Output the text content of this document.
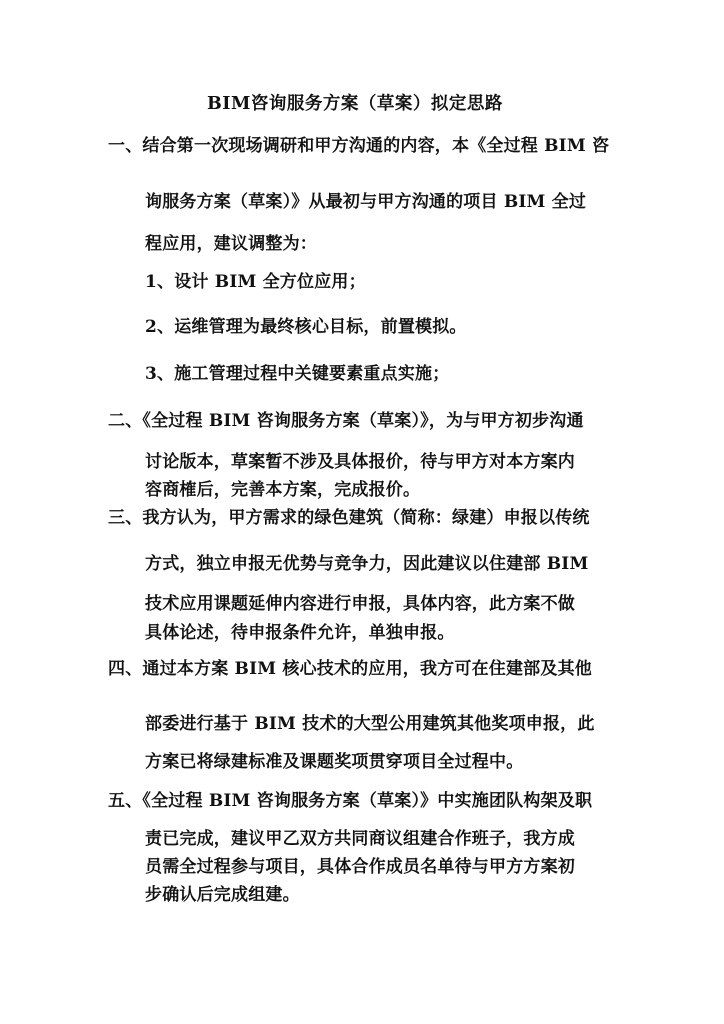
BIM咨询服务方案（草案）拟定思路
一、结合第一次现场调研和甲方沟通的内容，本《全过程 BIM 咨
询服务方案（草案）》从最初与甲方沟通的项目 BIM 全过
程应用，建议调整为：
1、设计 BIM 全方位应用；
2、运维管理为最终核心目标，前置模拟。
3、施工管理过程中关键要素重点实施；
二、《全过程 BIM 咨询服务方案（草案）》，为与甲方初步沟通
讨论版本，草案暂不涉及具体报价，待与甲方对本方案内
容商榷后，完善本方案，完成报价。
三、我方认为，甲方需求的绿色建筑（简称：绿建）申报以传统
方式，独立申报无优势与竞争力，因此建议以住建部 BIM
技术应用课题延伸内容进行申报，具体内容，此方案不做
具体论述，待申报条件允许，单独申报。
四、通过本方案 BIM 核心技术的应用，我方可在住建部及其他
部委进行基于 BIM 技术的大型公用建筑其他奖项申报，此
方案已将绿建标准及课题奖项贯穿项目全过程中。
五、《全过程 BIM 咨询服务方案（草案）》中实施团队构架及职
责已完成，建议甲乙双方共同商议组建合作班子，我方成
员需全过程参与项目，具体合作成员名单待与甲方方案初
步确认后完成组建。
